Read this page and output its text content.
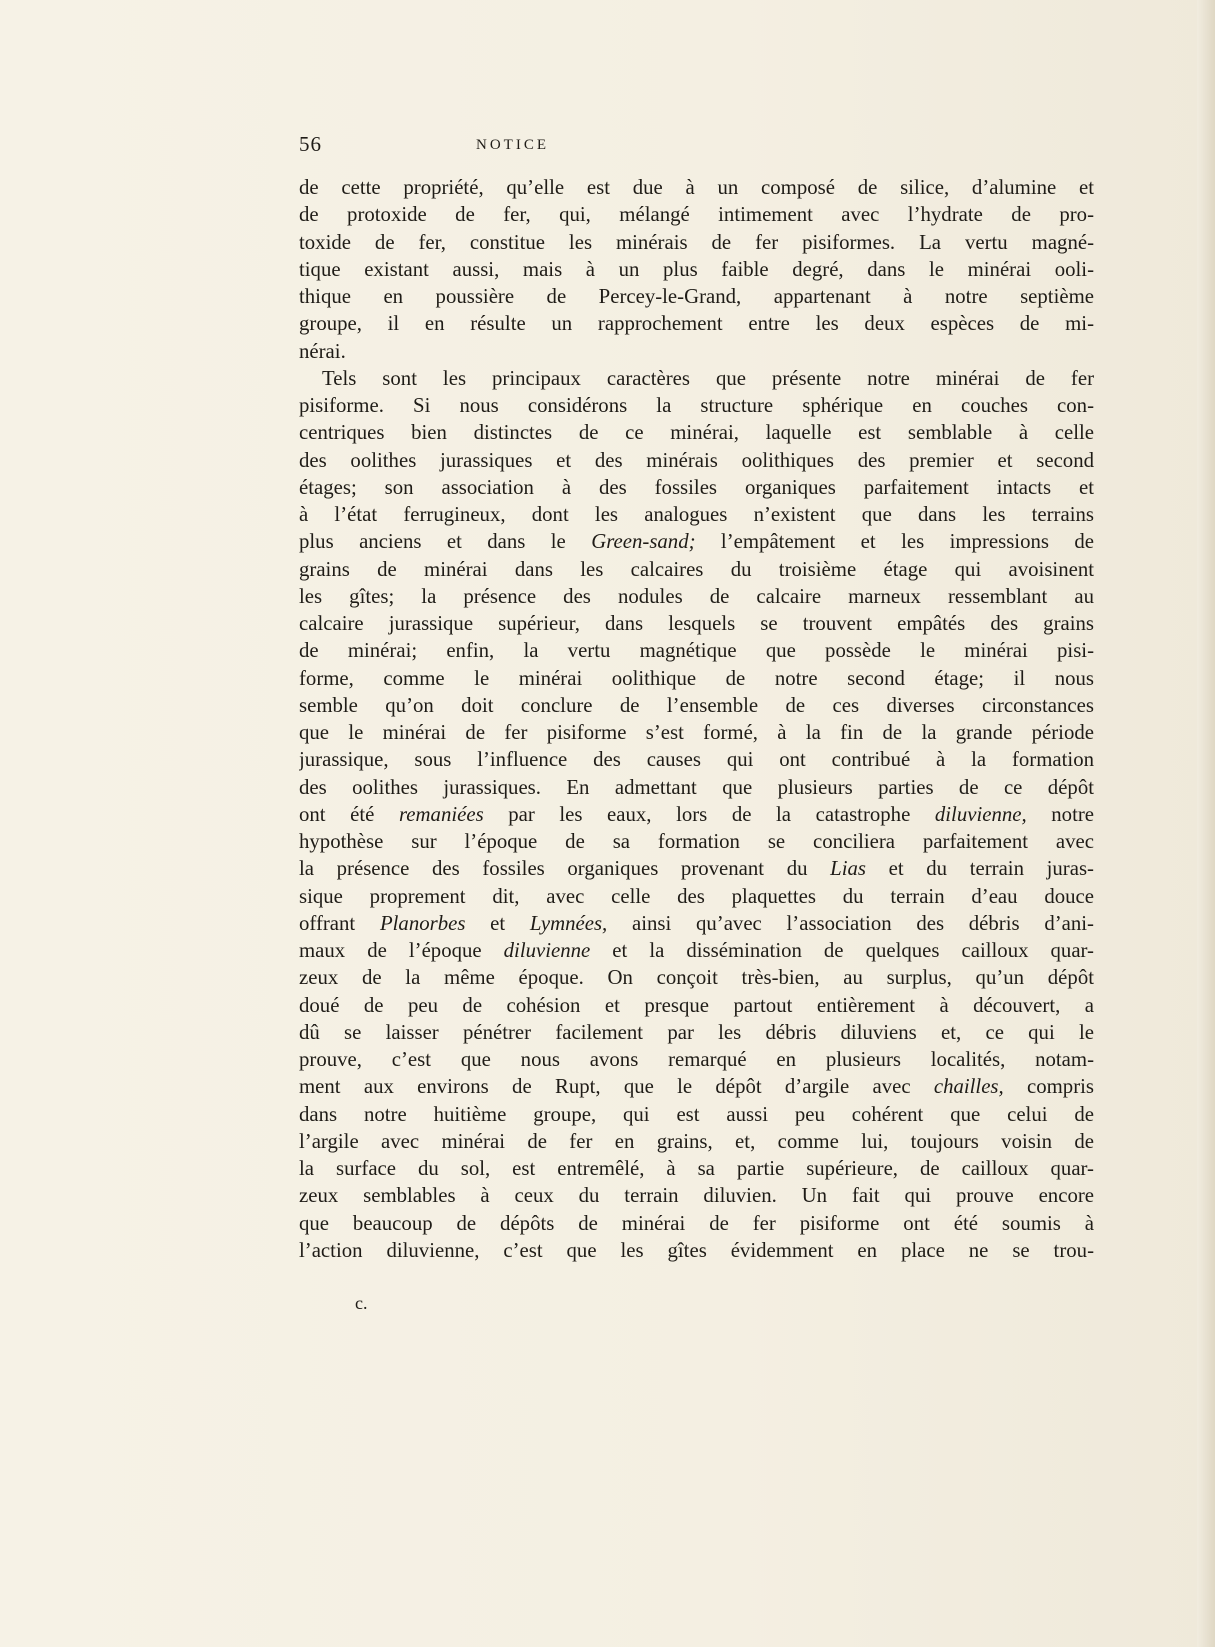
56	NOTICE
de cette propriété, qu’elle est due à un composé de silice, d’alumine et
de protoxide de fer, qui, mélangé intimement avec l’hydrate de pro-
toxide de fer, constitue les minérais de fer pisiformes. La vertu magné-
tique existant aussi, mais à un plus faible degré, dans le minérai ooli-
thique en poussière de Percey-le-Grand, appartenant à notre septième
groupe, il en résulte un rapprochement entre les deux espèces de mi-
nérai.
Tels sont les principaux caractères que présente notre minérai de fer
pisiforme. Si nous considérons la structure sphérique en couches con-
centriques bien distinctes de ce minérai, laquelle est semblable à celle
des oolithes jurassiques et des minérais oolithiques des premier et second
étages; son association à des fossiles organiques parfaitement intacts et
à l’état ferrugineux, dont les analogues n’existent que dans les terrains
plus anciens et dans le Green-sand; l’empâtement et les impressions de
grains de minérai dans les calcaires du troisième étage qui avoisinent
les gîtes; la présence des nodules de calcaire marneux ressemblant au
calcaire jurassique supérieur, dans lesquels se trouvent empâtés des grains
de minérai; enfin, la vertu magnétique que possède le minérai pisi-
forme, comme le minérai oolithique de notre second étage; il nous
semble qu’on doit conclure de l’ensemble de ces diverses circonstances
que le minérai de fer pisiforme s’est formé, à la fin de la grande période
jurassique, sous l’influence des causes qui ont contribué à la formation
des oolithes jurassiques. En admettant que plusieurs parties de ce dépôt
ont été remaniées par les eaux, lors de la catastrophe diluvienne, notre
hypothèse sur l’époque de sa formation se conciliera parfaitement avec
la présence des fossiles organiques provenant du Lias et du terrain juras-
sique proprement dit, avec celle des plaquettes du terrain d’eau douce
offrant Planorbes et Lymnées, ainsi qu’avec l’association des débris d’ani-
maux de l’époque diluvienne et la dissémination de quelques cailloux quar-
zeux de la même époque. On conçoit très-bien, au surplus, qu’un dépôt
doué de peu de cohésion et presque partout entièrement à découvert, a
dû se laisser pénétrer facilement par les débris diluviens et, ce qui le
prouve, c’est que nous avons remarqué en plusieurs localités, notam-
ment aux environs de Rupt, que le dépôt d’argile avec chailles, compris
dans notre huitième groupe, qui est aussi peu cohérent que celui de
l’argile avec minérai de fer en grains, et, comme lui, toujours voisin de
la surface du sol, est entremêlé, à sa partie supérieure, de cailloux quar-
zeux semblables à ceux du terrain diluvien. Un fait qui prouve encore
que beaucoup de dépôts de minérai de fer pisiforme ont été soumis à
l’action diluvienne, c’est que les gîtes évidemment en place ne se trou-
c.
